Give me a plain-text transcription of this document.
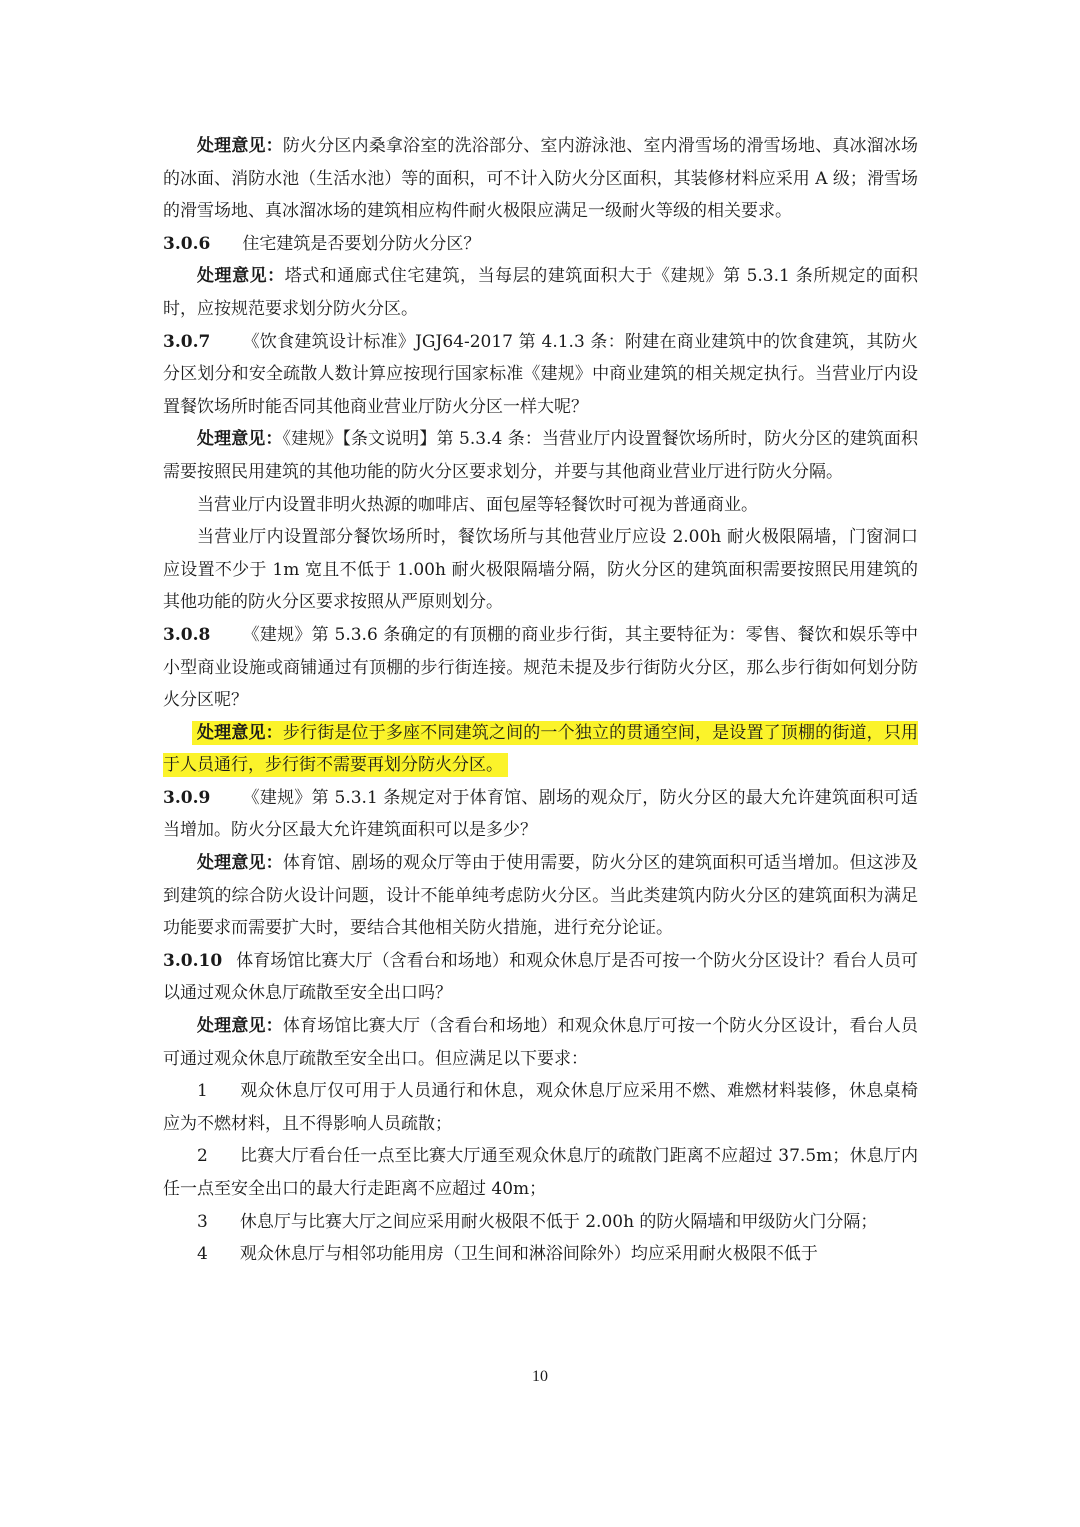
处理意见：防火分区内桑拿浴室的洗浴部分、室内游泳池、室内滑雪场的滑雪场地、真冰溜冰场的冰面、消防水池（生活水池）等的面积，可不计入防火分区面积，其装修材料应采用 A 级；滑雪场的滑雪场地、真冰溜冰场的建筑相应构件耐火极限应满足一级耐火等级的相关要求。

3.0.6 住宅建筑是否要划分防火分区？

处理意见：塔式和通廊式住宅建筑，当每层的建筑面积大于《建规》第 5.3.1 条所规定的面积时，应按规范要求划分防火分区。

3.0.7 《饮食建筑设计标准》JGJ64-2017 第 4.1.3 条：附建在商业建筑中的饮食建筑，其防火分区划分和安全疏散人数计算应按现行国家标准《建规》中商业建筑的相关规定执行。当营业厅内设置餐饮场所时能否同其他商业营业厅防火分区一样大呢？

处理意见：《建规》【条文说明】第 5.3.4 条：当营业厅内设置餐饮场所时，防火分区的建筑面积需要按照民用建筑的其他功能的防火分区要求划分，并要与其他商业营业厅进行防火分隔。

当营业厅内设置非明火热源的咖啡店、面包屋等轻餐饮时可视为普通商业。

当营业厅内设置部分餐饮场所时，餐饮场所与其他营业厅应设 2.00h 耐火极限隔墙，门窗洞口应设置不少于 1m 宽且不低于 1.00h 耐火极限隔墙分隔，防火分区的建筑面积需要按照民用建筑的其他功能的防火分区要求按照从严原则划分。

3.0.8 《建规》第 5.3.6 条确定的有顶棚的商业步行街，其主要特征为：零售、餐饮和娱乐等中小型商业设施或商铺通过有顶棚的步行街连接。规范未提及步行街防火分区，那么步行街如何划分防火分区呢？

处理意见：步行街是位于多座不同建筑之间的一个独立的贯通空间，是设置了顶棚的街道，只用于人员通行，步行街不需要再划分防火分区。

3.0.9 《建规》第 5.3.1 条规定对于体育馆、剧场的观众厅，防火分区的最大允许建筑面积可适当增加。防火分区最大允许建筑面积可以是多少？

处理意见：体育馆、剧场的观众厅等由于使用需要，防火分区的建筑面积可适当增加。但这涉及到建筑的综合防火设计问题，设计不能单纯考虑防火分区。当此类建筑内防火分区的建筑面积为满足功能要求而需要扩大时，要结合其他相关防火措施，进行充分论证。

3.0.10 体育场馆比赛大厅（含看台和场地）和观众休息厅是否可按一个防火分区设计？看台人员可以通过观众休息厅疏散至安全出口吗？

处理意见：体育场馆比赛大厅（含看台和场地）和观众休息厅可按一个防火分区设计，看台人员可通过观众休息厅疏散至安全出口。但应满足以下要求：

1 观众休息厅仅可用于人员通行和休息，观众休息厅应采用不燃、难燃材料装修，休息桌椅应为不燃材料，且不得影响人员疏散；

2 比赛大厅看台任一点至比赛大厅通至观众休息厅的疏散门距离不应超过 37.5m；休息厅内任一点至安全出口的最大行走距离不应超过 40m；

3 休息厅与比赛大厅之间应采用耐火极限不低于 2.00h 的防火隔墙和甲级防火门分隔；

4 观众休息厅与相邻功能用房（卫生间和淋浴间除外）均应采用耐火极限不低于

10
